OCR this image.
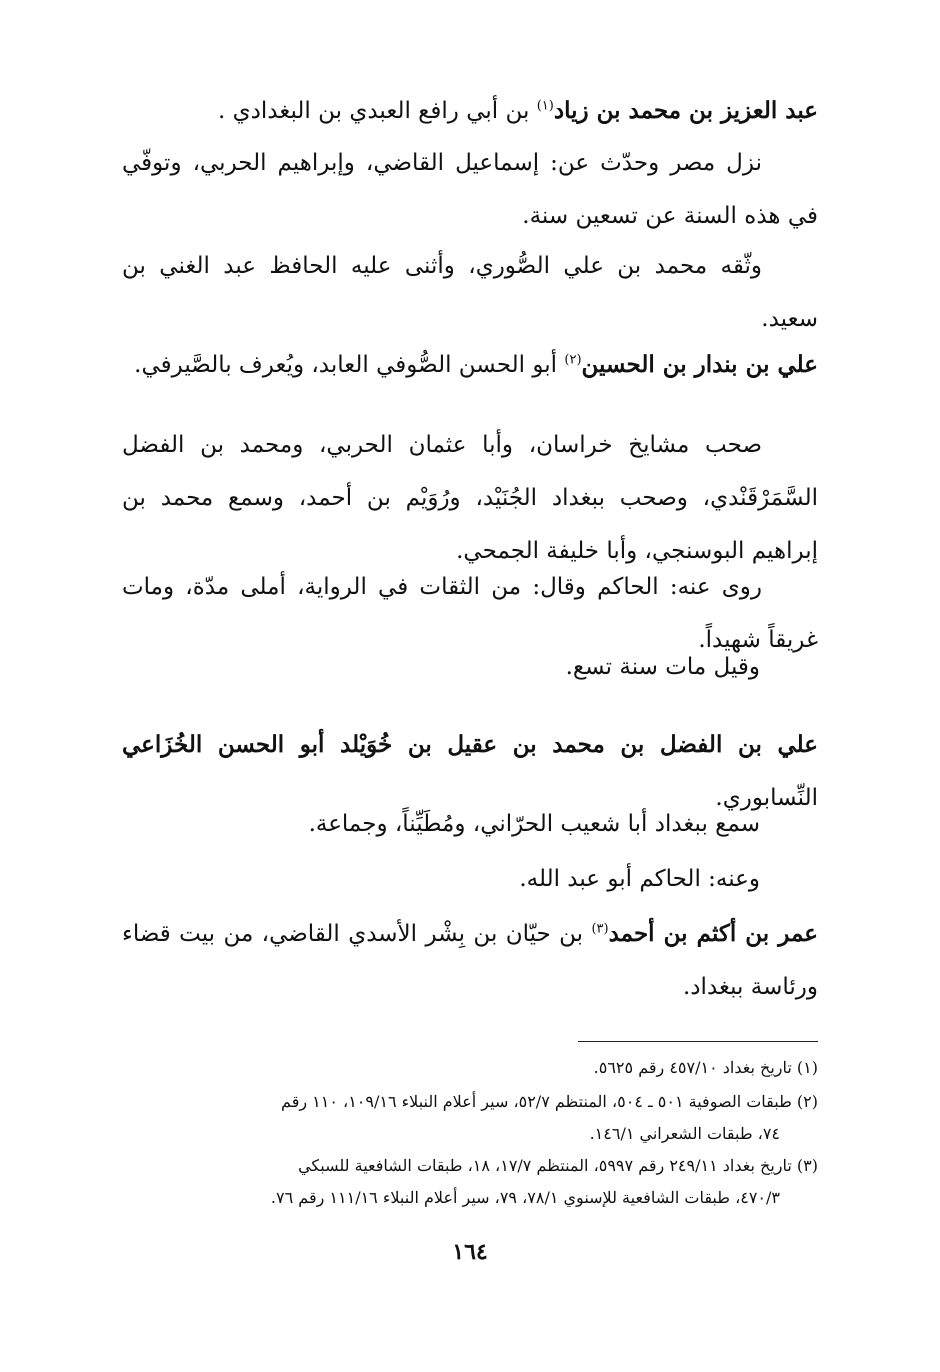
عبد العزيز بن محمد بن زياد$^{(١)}$ بن أبي رافع العبدي بن البغدادي .

نزل مصر وحدّث عن: إسماعيل القاضي، وإبراهيم الحربي، وتوفّي في هذه السنة عن تسعين سنة.

وثّقه محمد بن علي الصُّوري، وأثنى عليه الحافظ عبد الغني بن سعيد.

علي بن بندار بن الحسين$^{(٢)}$ أبو الحسن الصُّوفي العابد، ويُعرف بالصَّيرفي.

صحب مشايخ خراسان، وأبا عثمان الحربي، ومحمد بن الفضل السَّمَرْقَنْدي، وصحب ببغداد الجُنَيْد، ورُوَيْم بن أحمد، وسمع محمد بن إبراهيم البوسنجي، وأبا خليفة الجمحي.

روى عنه: الحاكم وقال: من الثقات في الرواية، أملى مدّة، ومات غريقاً شهيداً.

وقيل مات سنة تسع.

علي بن الفضل بن محمد بن عقيل بن خُوَيْلد أبو الحسن الخُزَاعي النِّسابوري.

سمع ببغداد أبا شعيب الحرّاني، ومُطَيِّناً، وجماعة.

وعنه: الحاكم أبو عبد الله.

عمر بن أكثم بن أحمد$^{(٣)}$ بن حيّان بن بِشْر الأسدي القاضي، من بيت قضاء ورئاسة ببغداد.

(١) تاريخ بغداد ٤٥٧/١٠ رقم ٥٦٢٥.

(٢) طبقات الصوفية ٥٠١ ـ ٥٠٤، المنتظم ٥٢/٧، سير أعلام النبلاء ١٠٩/١٦، ١١٠ رقم

٧٤، طبقات الشعراني ١٤٦/١.

(٣) تاريخ بغداد ٢٤٩/١١ رقم ٥٩٩٧، المنتظم ١٧/٧، ١٨، طبقات الشافعية للسبكي

٤٧٠/٣، طبقات الشافعية للإسنوي ٧٨/١، ٧٩، سير أعلام النبلاء ١١١/١٦ رقم ٧٦.

١٦٤
